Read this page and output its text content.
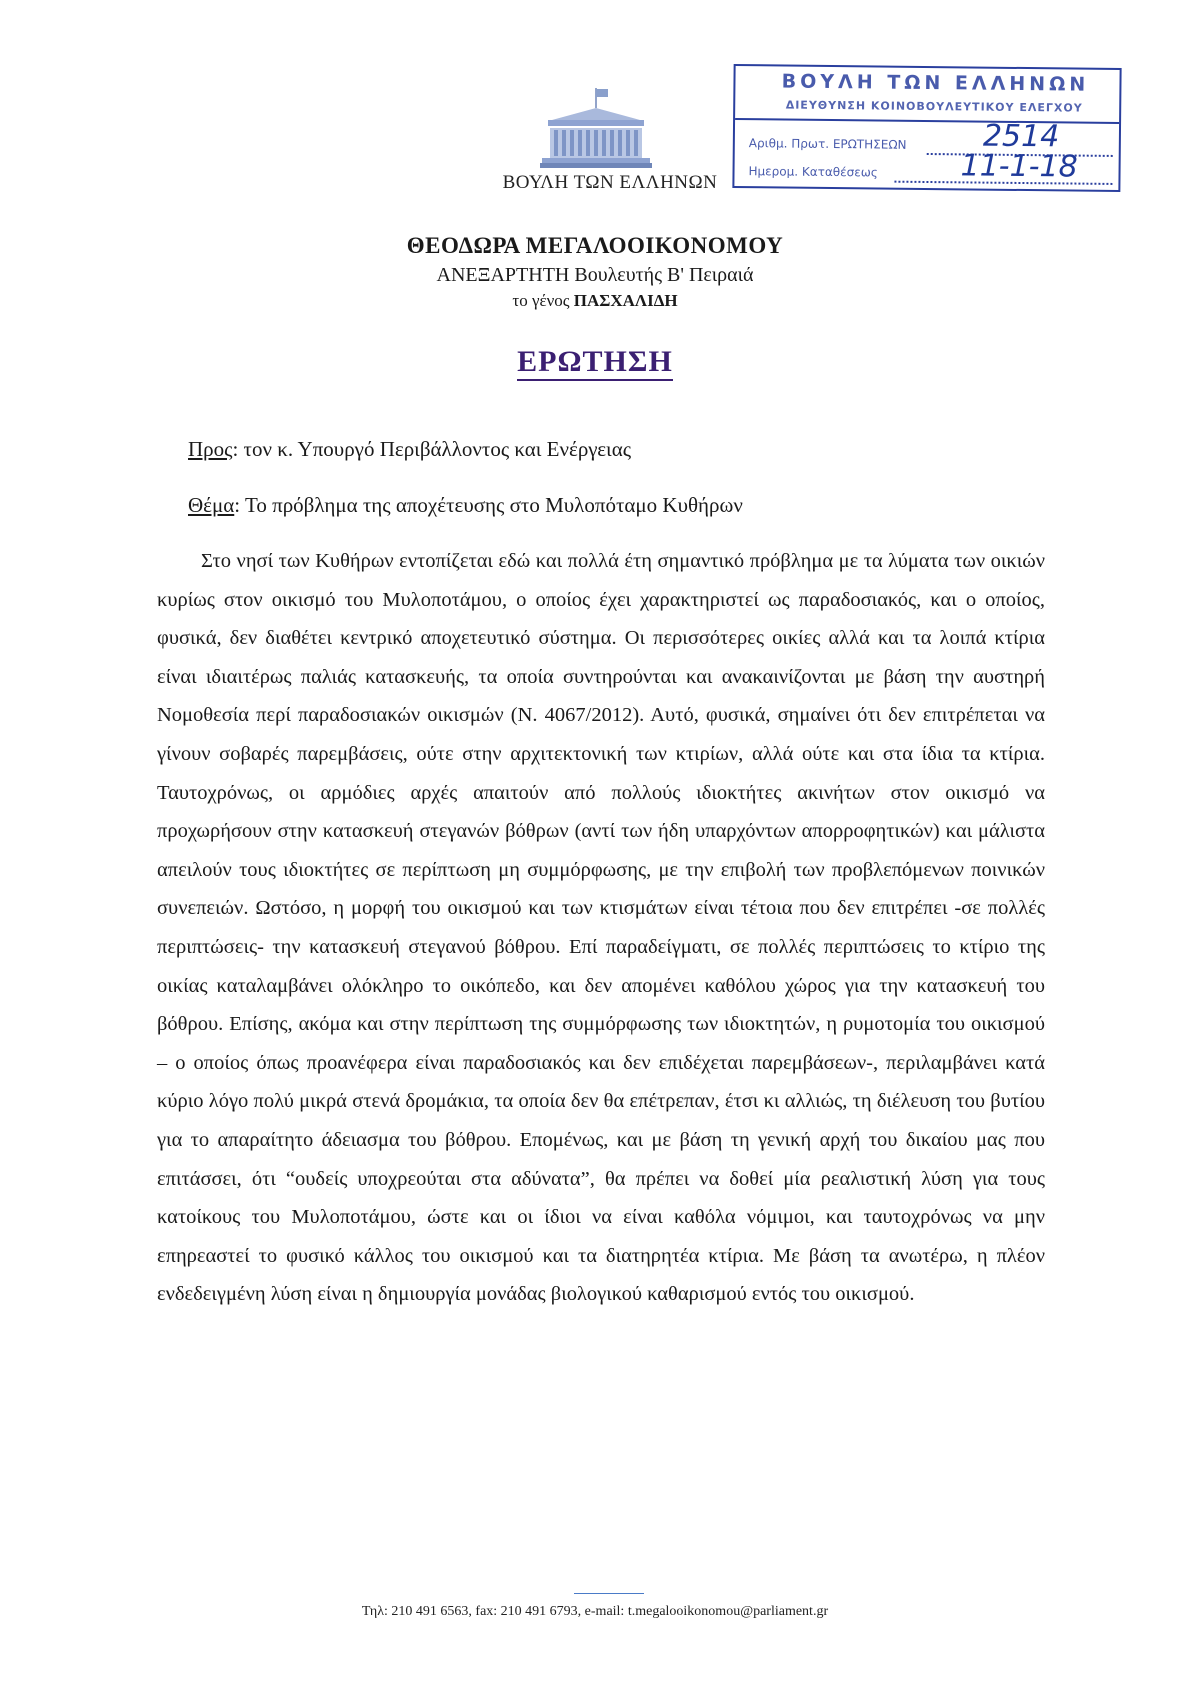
ΒΟΥΛΗ ΤΩΝ ΕΛΛΗΝΩΝ
ΒΟΥΛΗ ΤΩΝ ΕΛΛΗΝΩΝ
ΔΙΕΥΘΥΝΣΗ ΚΟΙΝΟΒΟΥΛΕΥΤΙΚΟΥ ΕΛΕΓΧΟΥ
Αριθμ. Πρωτ. ΕΡΩΤΗΣΕΩΝ	2514
Ημερομ. Καταθέσεως	11-1-18
ΘΕΟΔΩΡΑ ΜΕΓΑΛΟΟΙΚΟΝΟΜΟΥ
ΑΝΕΞΑΡΤΗΤΗ Βουλευτής Β' Πειραιά
το γένος ΠΑΣΧΑΛΙΔΗ
ΕΡΩΤΗΣΗ
Προς: τον κ. Υπουργό Περιβάλλοντος και Ενέργειας
Θέμα: Το πρόβλημα της αποχέτευσης στο Μυλοπόταμο Κυθήρων
Στο νησί των Κυθήρων εντοπίζεται εδώ και πολλά έτη σημαντικό πρόβλημα με τα λύματα των οικιών κυρίως στον οικισμό του Μυλοποτάμου, ο οποίος έχει χαρακτηριστεί ως παραδοσιακός, και ο οποίος, φυσικά, δεν διαθέτει κεντρικό αποχετευτικό σύστημα. Οι περισσότερες οικίες αλλά και τα λοιπά κτίρια είναι ιδιαιτέρως παλιάς κατασκευής, τα οποία συντηρούνται και ανακαινίζονται με βάση την αυστηρή Νομοθεσία περί παραδοσιακών οικισμών (Ν. 4067/2012). Αυτό, φυσικά, σημαίνει ότι δεν επιτρέπεται να γίνουν σοβαρές παρεμβάσεις, ούτε στην αρχιτεκτονική των κτιρίων, αλλά ούτε και στα ίδια τα κτίρια. Ταυτοχρόνως, οι αρμόδιες αρχές απαιτούν από πολλούς ιδιοκτήτες ακινήτων στον οικισμό να προχωρήσουν στην κατασκευή στεγανών βόθρων (αντί των ήδη υπαρχόντων απορροφητικών) και μάλιστα απειλούν τους ιδιοκτήτες σε περίπτωση μη συμμόρφωσης, με την επιβολή των προβλεπόμενων ποινικών συνεπειών. Ωστόσο, η μορφή του οικισμού και των κτισμάτων είναι τέτοια που δεν επιτρέπει -σε πολλές περιπτώσεις- την κατασκευή στεγανού βόθρου. Επί παραδείγματι, σε πολλές περιπτώσεις το κτίριο της οικίας καταλαμβάνει ολόκληρο το οικόπεδο, και δεν απομένει καθόλου χώρος για την κατασκευή του βόθρου. Επίσης, ακόμα και στην περίπτωση της συμμόρφωσης των ιδιοκτητών, η ρυμοτομία του οικισμού – ο οποίος όπως προανέφερα είναι παραδοσιακός και δεν επιδέχεται παρεμβάσεων-, περιλαμβάνει κατά κύριο λόγο πολύ μικρά στενά δρομάκια, τα οποία δεν θα επέτρεπαν, έτσι κι αλλιώς, τη διέλευση του βυτίου για το απαραίτητο άδειασμα του βόθρου. Επομένως, και με βάση τη γενική αρχή του δικαίου μας που επιτάσσει, ότι “ουδείς υποχρεούται στα αδύνατα”, θα πρέπει να δοθεί μία ρεαλιστική λύση για τους κατοίκους του Μυλοποτάμου, ώστε και οι ίδιοι να είναι καθόλα νόμιμοι, και ταυτοχρόνως να μην επηρεαστεί το φυσικό κάλλος του οικισμού και τα διατηρητέα κτίρια. Με βάση τα ανωτέρω, η πλέον ενδεδειγμένη λύση είναι η δημιουργία μονάδας βιολογικού καθαρισμού εντός του οικισμού.
Τηλ: 210 491 6563, fax: 210 491 6793, e-mail: t.megalooikonomou@parliament.gr
